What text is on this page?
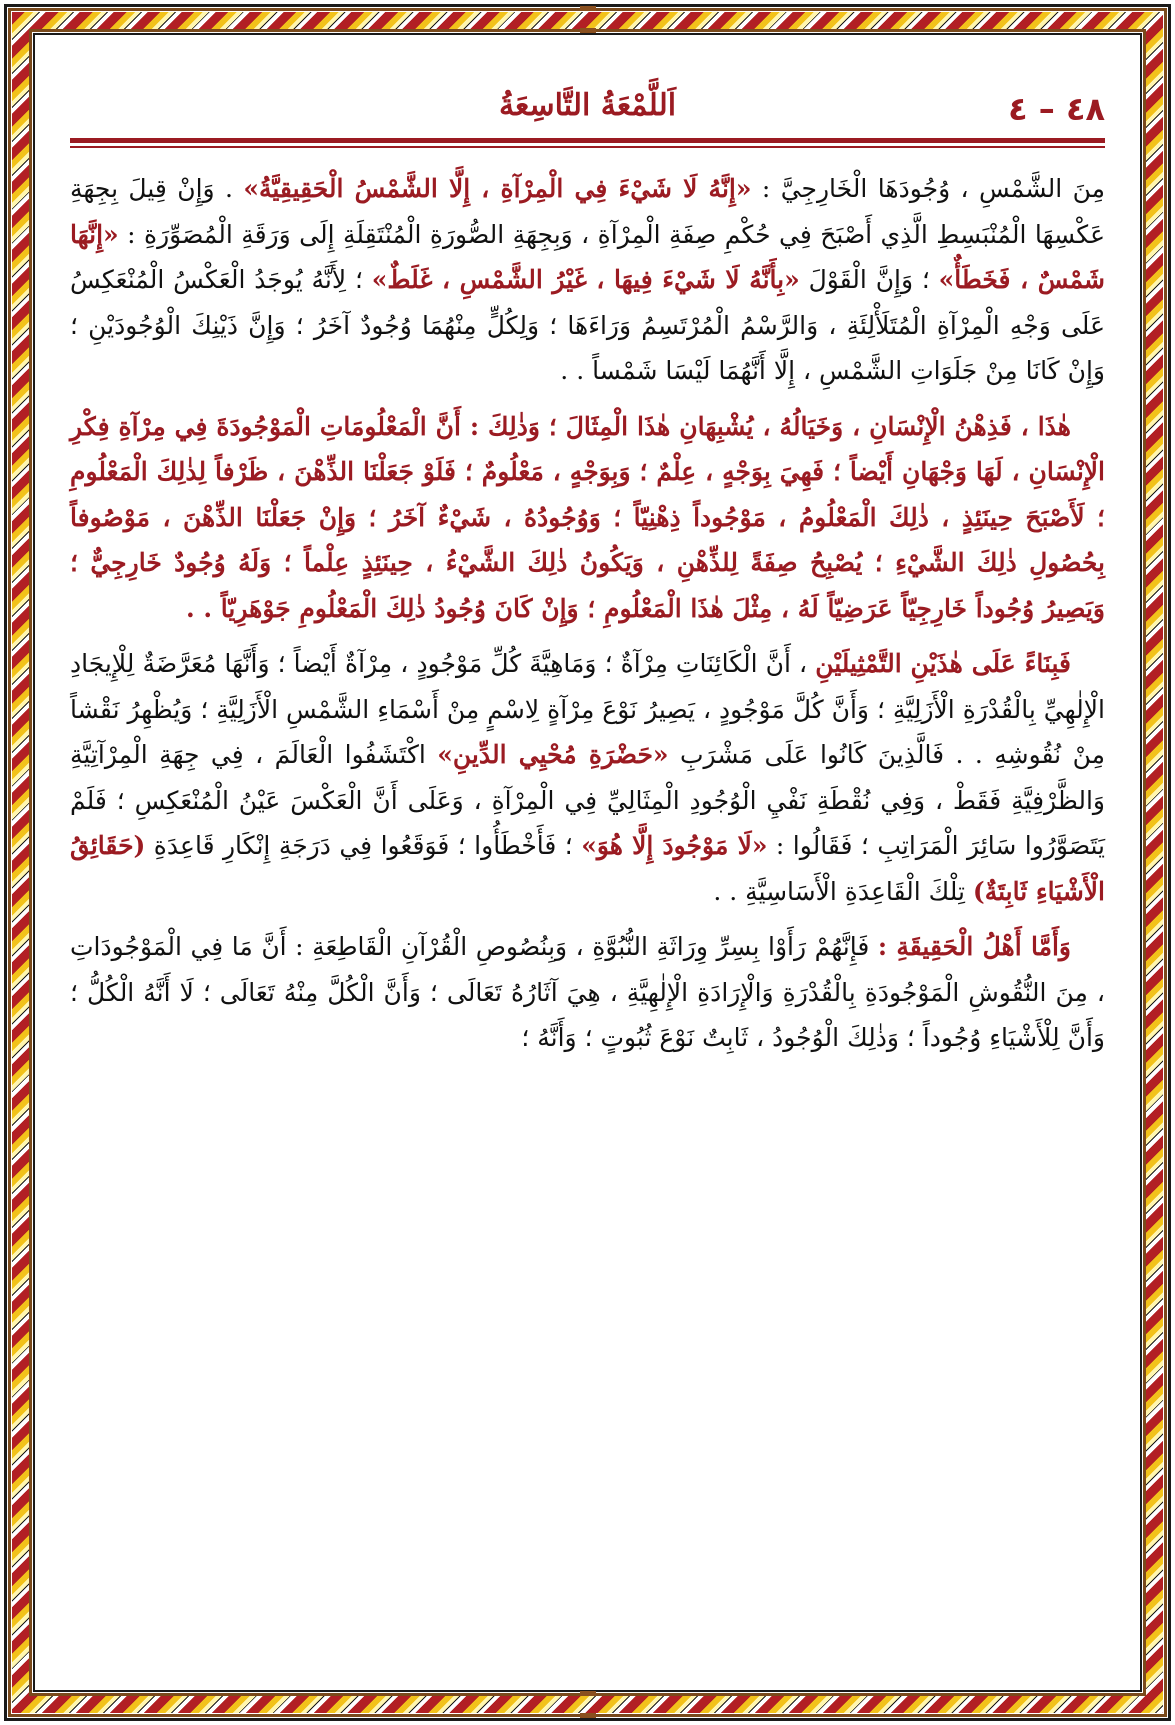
٤٨ – ٤
اَللَّمْعَةُ التَّاسِعَةُ

مِنَ الشَّمْسِ ، وُجُودَهَا الْخَارِجِيَّ : «إِنَّهُ لَا شَيْءَ فِي الْمِرْآةِ ، إِلَّا الشَّمْسُ الْحَقِيقِيَّةُ» . وَإِنْ قِيلَ بِجِهَةِ عَكْسِهَا الْمُنْبَسِطِ الَّذِي أَصْبَحَ فِي حُكْمِ صِفَةِ الْمِرْآةِ ، وَبِجِهَةِ الصُّورَةِ الْمُنْتَقِلَةِ إِلَى وَرَقَةِ الْمُصَوِّرَةِ : «إِنَّهَا شَمْسٌ ، فَخَطَأٌ» ؛ وَإِنَّ الْقَوْلَ «بِأَنَّهُ لَا شَيْءَ فِيهَا ، غَيْرُ الشَّمْسِ ، غَلَطٌ» ؛ لِأَنَّهُ يُوجَدُ الْعَكْسُ الْمُنْعَكِسُ عَلَى وَجْهِ الْمِرْآةِ الْمُتَلَأْلِئَةِ ، وَالرَّسْمُ الْمُرْتَسِمُ وَرَاءَهَا ؛ وَلِكُلٍّ مِنْهُمَا وُجُودٌ آخَرُ ؛ وَإِنَّ ذَيْنِكَ الْوُجُودَيْنِ ؛ وَإِنْ كَانَا مِنْ جَلَوَاتِ الشَّمْسِ ، إِلَّا أَنَّهُمَا لَيْسَا شَمْساً . .

هٰذَا ، فَذِهْنُ الْإِنْسَانِ ، وَخَيَالُهُ ، يُشْبِهَانِ هٰذَا الْمِثَالَ ؛ وَذٰلِكَ : أَنَّ الْمَعْلُومَاتِ الْمَوْجُودَةَ فِي مِرْآةِ فِكْرِ الْإِنْسَانِ ، لَهَا وَجْهَانِ أَيْضاً ؛ فَهِيَ بِوَجْهٍ ، عِلْمٌ ؛ وَبِوَجْهٍ ، مَعْلُومٌ ؛ فَلَوْ جَعَلْنَا الذِّهْنَ ، ظَرْفاً لِذٰلِكَ الْمَعْلُومِ ؛ لَأَصْبَحَ حِينَئِذٍ ، ذٰلِكَ الْمَعْلُومُ ، مَوْجُوداً ذِهْنِيّاً ؛ وَوُجُودُهُ ، شَيْءٌ آخَرُ ؛ وَإِنْ جَعَلْنَا الذِّهْنَ ، مَوْصُوفاً بِحُصُولِ ذٰلِكَ الشَّيْءِ ؛ يُصْبِحُ صِفَةً لِلذِّهْنِ ، وَيَكُونُ ذٰلِكَ الشَّيْءُ ، حِينَئِذٍ عِلْماً ؛ وَلَهُ وُجُودٌ خَارِجِيٌّ ؛ وَيَصِيرُ وُجُوداً خَارِجِيّاً عَرَضِيّاً لَهُ ، مِثْلَ هٰذَا الْمَعْلُومِ ؛ وَإِنْ كَانَ وُجُودُ ذٰلِكَ الْمَعْلُومِ جَوْهَرِيّاً . .

فَبِنَاءً عَلَى هٰذَيْنِ التَّمْثِيلَيْنِ ، أَنَّ الْكَائِنَاتِ مِرْآةٌ ؛ وَمَاهِيَّةَ كُلِّ مَوْجُودٍ ، مِرْآةٌ أَيْضاً ؛ وَأَنَّهَا مُعَرَّضَةٌ لِلْإِيجَادِ الْإِلٰهِيِّ بِالْقُدْرَةِ الْأَزَلِيَّةِ ؛ وَأَنَّ كُلَّ مَوْجُودٍ ، يَصِيرُ نَوْعَ مِرْآةٍ لِاسْمٍ مِنْ أَسْمَاءِ الشَّمْسِ الْأَزَلِيَّةِ ؛ وَيُظْهِرُ نَقْشاً مِنْ نُقُوشِهِ . . فَالَّذِينَ كَانُوا عَلَى مَشْرَبِ «حَضْرَةِ مُحْيِي الدِّينِ» اكْتَشَفُوا الْعَالَمَ ، فِي جِهَةِ الْمِرْآتِيَّةِ وَالظَّرْفِيَّةِ فَقَطْ ، وَفِي نُقْطَةِ نَفْيِ الْوُجُودِ الْمِثَالِيِّ فِي الْمِرْآةِ ، وَعَلَى أَنَّ الْعَكْسَ عَيْنُ الْمُنْعَكِسِ ؛ فَلَمْ يَتَصَوَّرُوا سَائِرَ الْمَرَاتِبِ ؛ فَقَالُوا : «لَا مَوْجُودَ إِلَّا هُوَ» ؛ فَأَخْطَأُوا ؛ فَوَقَعُوا فِي دَرَجَةِ إِنْكَارِ قَاعِدَةِ (حَقَائِقُ الْأَشْيَاءِ ثَابِتَةٌ) تِلْكَ الْقَاعِدَةِ الْأَسَاسِيَّةِ . .

وَأَمَّا أَهْلُ الْحَقِيقَةِ : فَإِنَّهُمْ رَأَوْا بِسِرِّ وِرَاثَةِ النُّبُوَّةِ ، وَبِنُصُوصِ الْقُرْآنِ الْقَاطِعَةِ : أَنَّ مَا فِي الْمَوْجُودَاتِ ، مِنَ النُّقُوشِ الْمَوْجُودَةِ بِالْقُدْرَةِ وَالْإِرَادَةِ الْإِلٰهِيَّةِ ، هِيَ آثَارُهُ تَعَالَى ؛ وَأَنَّ الْكُلَّ مِنْهُ تَعَالَى ؛ لَا أَنَّهُ الْكُلُّ ؛ وَأَنَّ لِلْأَشْيَاءِ وُجُوداً ؛ وَذٰلِكَ الْوُجُودُ ، ثَابِتٌ نَوْعَ ثُبُوتٍ ؛ وَأَنَّهُ ؛
